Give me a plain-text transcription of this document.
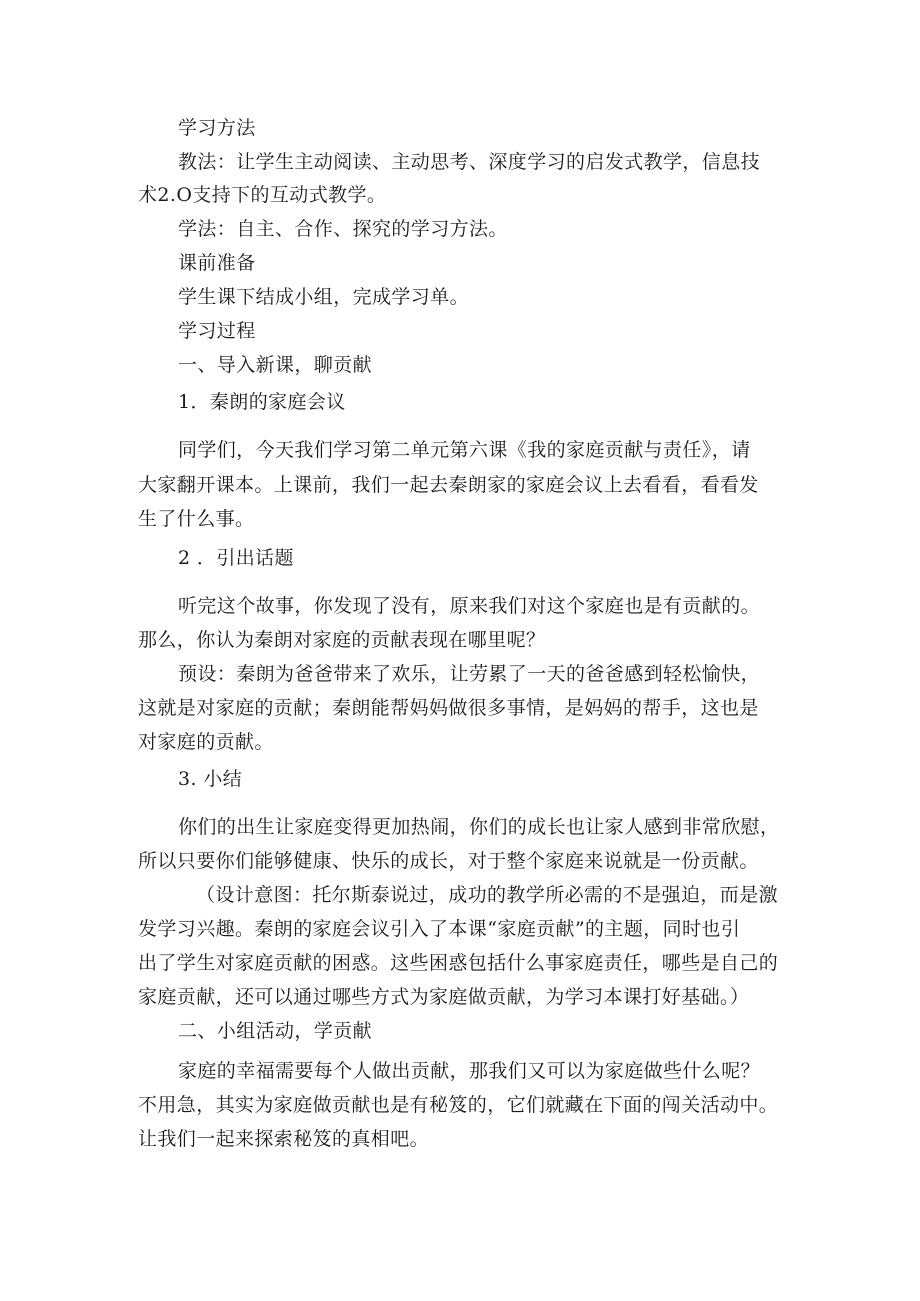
学习方法

教法：让学生主动阅读、主动思考、深度学习的启发式教学，信息技

术2.O支持下的互动式教学。

学法：自主、合作、探究的学习方法。

课前准备

学生课下结成小组，完成学习单。

学习过程

一、导入新课，聊贡献

1．秦朗的家庭会议

同学们，今天我们学习第二单元第六课《我的家庭贡献与责任》，请

大家翻开课本。上课前，我们一起去秦朗家的家庭会议上去看看，看看发

生了什么事。

2 ．引出话题

听完这个故事，你发现了没有，原来我们对这个家庭也是有贡献的。

那么，你认为秦朗对家庭的贡献表现在哪里呢？

预设：秦朗为爸爸带来了欢乐，让劳累了一天的爸爸感到轻松愉快，

这就是对家庭的贡献；秦朗能帮妈妈做很多事情，是妈妈的帮手，这也是

对家庭的贡献。

3. 小结

你们的出生让家庭变得更加热闹，你们的成长也让家人感到非常欣慰，

所以只要你们能够健康、快乐的成长，对于整个家庭来说就是一份贡献。

（设计意图：托尔斯泰说过，成功的教学所必需的不是强迫，而是激

发学习兴趣。秦朗的家庭会议引入了本课“家庭贡献”的主题，同时也引

出了学生对家庭贡献的困惑。这些困惑包括什么事家庭责任，哪些是自己的

家庭贡献，还可以通过哪些方式为家庭做贡献，为学习本课打好基础。）

二、小组活动，学贡献

家庭的幸福需要每个人做出贡献，那我们又可以为家庭做些什么呢？

不用急，其实为家庭做贡献也是有秘笈的，它们就藏在下面的闯关活动中。

让我们一起来探索秘笈的真相吧。
